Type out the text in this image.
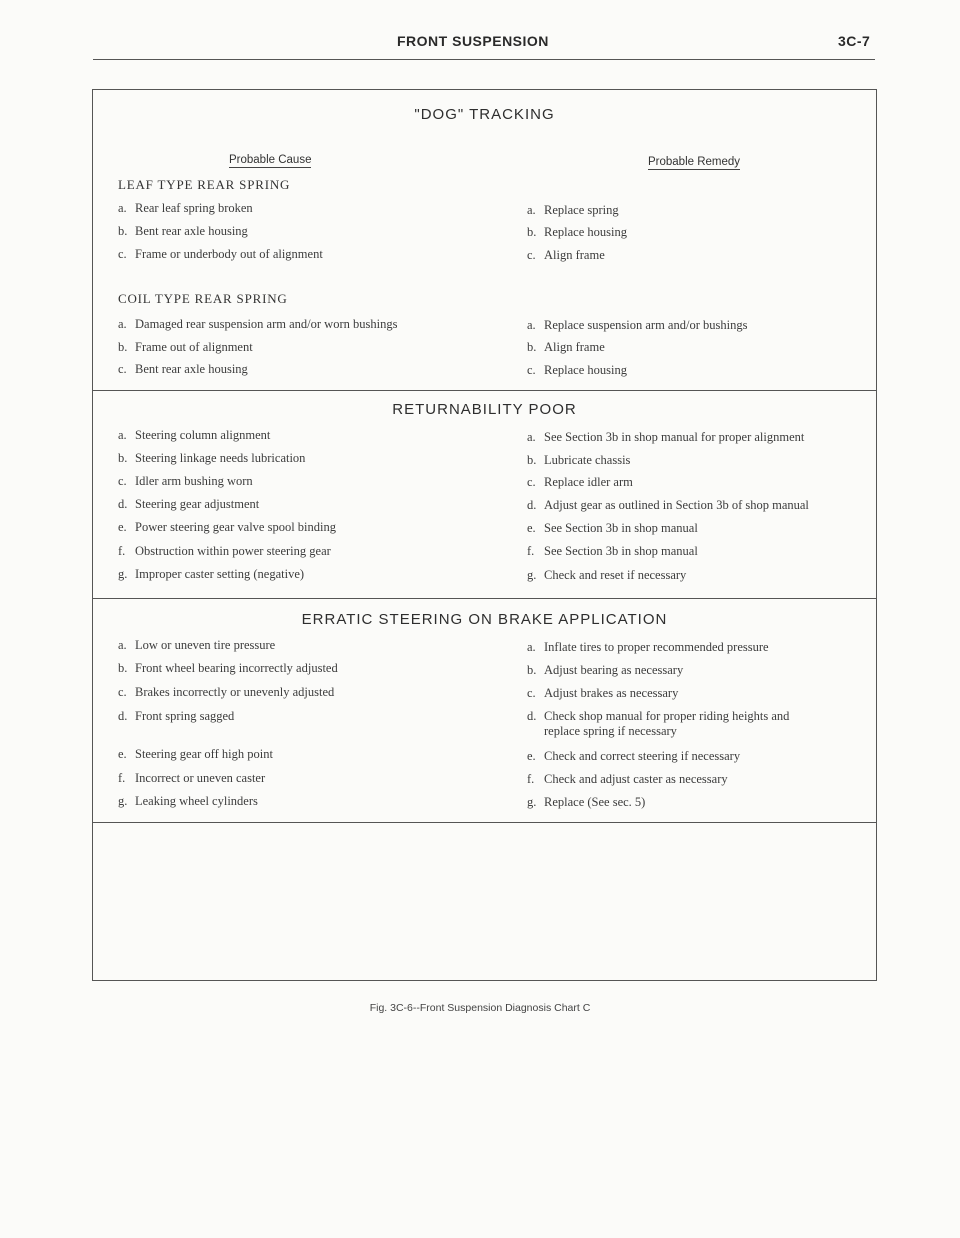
FRONT SUSPENSION	3C-7
"DOG" TRACKING
RETURNABILITY POOR
ERRATIC STEERING ON BRAKE APPLICATION
Probable Cause	Probable Remedy
LEAF TYPE REAR SPRING
COIL TYPE REAR SPRING
a. Rear leaf spring broken
b. Bent rear axle housing
c. Frame or underbody out of alignment
a. Replace spring
b. Replace housing
c. Align frame
a. Damaged rear suspension arm and/or worn bushings
b. Frame out of alignment
c. Bent rear axle housing
a. Replace suspension arm and/or bushings
b. Align frame
c. Replace housing
a. Steering column alignment
b. Steering linkage needs lubrication
c. Idler arm bushing worn
d. Steering gear adjustment
e. Power steering gear valve spool binding
f. Obstruction within power steering gear
g. Improper caster setting (negative)
a. See Section 3b in shop manual for proper alignment
b. Lubricate chassis
c. Replace idler arm
d. Adjust gear as outlined in Section 3b of shop manual
e. See Section 3b in shop manual
f. See Section 3b in shop manual
g. Check and reset if necessary
a. Low or uneven tire pressure
b. Front wheel bearing incorrectly adjusted
c. Brakes incorrectly or unevenly adjusted
d. Front spring sagged
e. Steering gear off high point
f. Incorrect or uneven caster
g. Leaking wheel cylinders
a. Inflate tires to proper recommended pressure
b. Adjust bearing as necessary
c. Adjust brakes as necessary
d. Check shop manual for proper riding heights and
replace spring if necessary
e. Check and correct steering if necessary
f. Check and adjust caster as necessary
g. Replace (See sec. 5)
Fig. 3C-6--Front Suspension Diagnosis Chart C
